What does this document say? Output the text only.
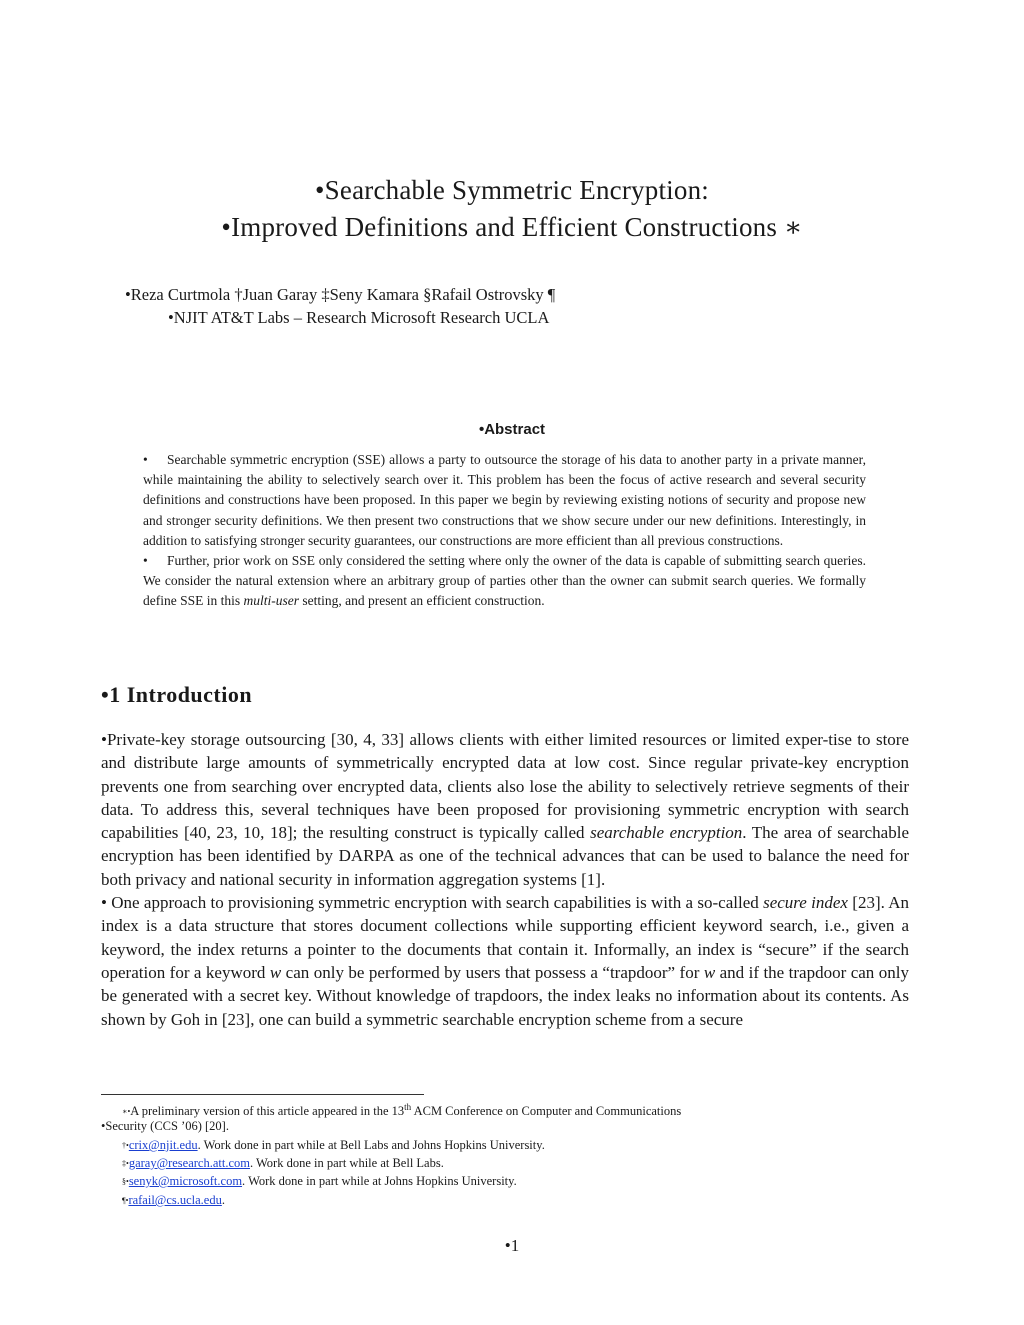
•Searchable Symmetric Encryption:
•Improved Definitions and Efficient Constructions ∗
•Reza Curtmola †Juan Garay ‡Seny Kamara §Rafail Ostrovsky ¶
•NJIT AT&T Labs – Research Microsoft Research UCLA
•Abstract

• Searchable symmetric encryption (SSE) allows a party to outsource the storage of his data to another party in a private manner, while maintaining the ability to selectively search over it. This problem has been the focus of active research and several security definitions and constructions have been proposed. In this paper we begin by reviewing existing notions of security and propose new and stronger security definitions. We then present two constructions that we show secure under our new definitions. Interestingly, in addition to satisfying stronger security guarantees, our constructions are more efficient than all previous constructions.

• Further, prior work on SSE only considered the setting where only the owner of the data is capable of submitting search queries. We consider the natural extension where an arbitrary group of parties other than the owner can submit search queries. We formally define SSE in this multi-user setting, and present an efficient construction.

•1 Introduction

•Private-key storage outsourcing [30, 4, 33] allows clients with either limited resources or limited exper-tise to store and distribute large amounts of symmetrically encrypted data at low cost. Since regular private-key encryption prevents one from searching over encrypted data, clients also lose the ability to selectively retrieve segments of their data. To address this, several techniques have been proposed for provisioning symmetric encryption with search capabilities [40, 23, 10, 18]; the resulting construct is typically called searchable encryption. The area of searchable encryption has been identified by DARPA as one of the technical advances that can be used to balance the need for both privacy and national security in information aggregation systems [1].

• One approach to provisioning symmetric encryption with search capabilities is with a so-called secure index [23]. An index is a data structure that stores document collections while supporting efficient keyword search, i.e., given a keyword, the index returns a pointer to the documents that contain it. Informally, an index is “secure” if the search operation for a keyword w can only be performed by users that possess a “trapdoor” for w and if the trapdoor can only be generated with a secret key. Without knowledge of trapdoors, the index leaks no information about its contents. As shown by Goh in [23], one can build a symmetric searchable encryption scheme from a secure

∗•A preliminary version of this article appeared in the 13th ACM Conference on Computer and Communications
•Security (CCS ’06) [20].
†•crix@njit.edu. Work done in part while at Bell Labs and Johns Hopkins University.
‡•garay@research.att.com. Work done in part while at Bell Labs.
§•senyk@microsoft.com. Work done in part while at Johns Hopkins University.
¶•rafail@cs.ucla.edu.
•1
